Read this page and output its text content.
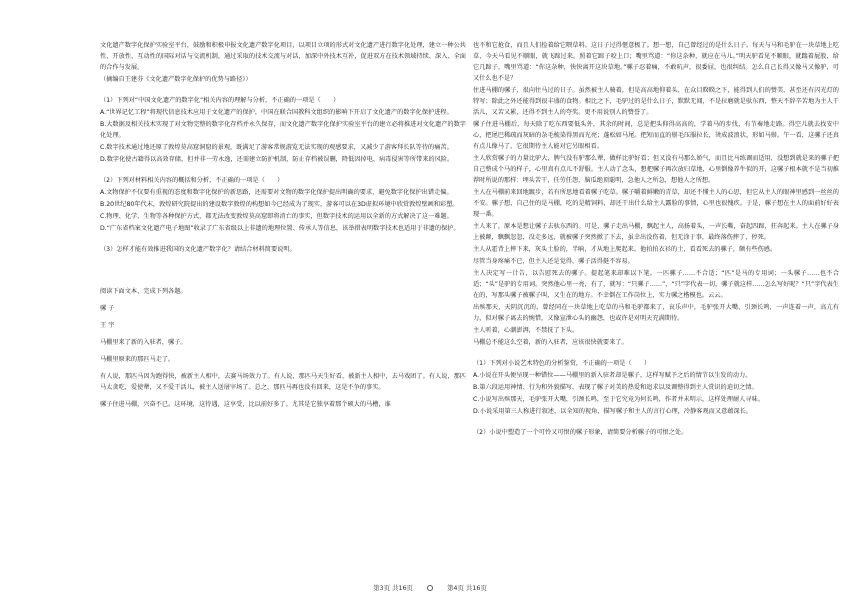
文化遗产数字化保护实验室平台，鼓励和积极申报文化遗产数字化项目，以项目立项的形式对文化遗产进行数字化处理，建立一种公共性、开放性、互动性的国际对话与交流机制，通过采取的技术交流与对话，加深中外技术互补，促进双方在技术领域持续、深入、全面的合作与发展。
（摘编自王建芬《文化遗产数字化保护的优势与路径》）
（1）下列对“中国文化遗产的数字化”相关内容的理解与分析，不正确的一项是（　　）
A.“世界记忆工程”将现代信息技术应用于文化遗产的保护，中国在联合国教科文组织的影响下开启了文化遗产的数字化保护进程。
B.大数据及相关技术实现了对文物完整的数字化存档并永久保存，而文化遗产数字化保护实验室平台的建立必将推进对文化遗产的数字化处理。
C.数字技术通过地还原了敦煌莫高窟洞窟的景观，既满足了游客常规游览无法实现的观感要求，又减少了游客拜长队等待的痛苦。
D.数字化使古籍得以高效存储，但并非一劳永逸，还需建立防护机制，防止存档被误删，降低因掉电、病毒侵害等所带来的风险。
（2）下列对材料相关内容的概括和分析，不正确的一项是（　　）
A.文物保护不仅要有重视的态度和数字化保护的新思路，还需要对文物的数字化保护提出明确的要求，避免数字化保护出错走偏。
B.20世纪80年代末，敦煌研究院提出的建设数字敦煌的构想如今已经成为了现实，游客可以在3D虚拟环境中欣赏敦煌壁画和彩塑。
C.物理、化学、生物等各种保护方式，都无法改变敦煌莫高窟即将消亡的事实，但数字技术的运用以全新的方式解决了这一难题。
D.“广东省档案文化遗产电子地图”收录了广东省级以上非遗的地理位置、传承人等信息，该举措表明数字技术也适用于非遗的保护。
（3）怎样才能有效推进我国的文化遗产数字化？请结合材料简要说明。
阅读下面文本，完成下列各题。
骡 子
王 宇
马棚里来了新的入驻者，骡子。
马棚里原来的那匹马走了。
有人说，那匹马因为跑得快，被新主人相中，去赛马场效力了。有人说，那匹马天生好看，被新主人相中，去马戏团了。有人说，那匹马太贪吃，爱使犟，又不爱干活儿，被主人送屠宰场了。总之，那匹马再也没有回来，这是不争的事实。
骡子住进马棚，兴奋不已。这环境，这待遇，这享受，比以前好多了。尤其是它独享着那个硕大的马槽，谁
也不和它抢食，而且人们捡着给它喂草料。这日子过得惬意极了。想一想，自己曾经过的是什么日子。每天与马和毛驴在一块草地上吃草，今天马看见不顺眼，就飞蹄过来。照着它蹄子咬上口；嘴里骂道：“你这杂种，就应在马儿。”明天驴看见不顺眼，就踹着屁股，给它几蹄子，嘴里骂道：“你这杂种，快快离开这块草地。”骡子忍着痛，不敢吭声，很委屈，也很纠结。怎么自己长得又像马又像驴，可又什么也不是？
住进马棚的骡子，很向往马过的日子。虽然被主人骑着，但是高高地仰着头，在众目睽睽之下，能得到人们的赞美，甚至还有闪光灯的特写；除此之外还能得到很丰盛的食物。相比之下，毛驴过的是什么日子，默默无闻，不是拉磨就是驮东西，整天不辞辛苦地为主人干活儿，又苦又累，还得不到主人的夸奖。更不用说别人的赞誉了。
骡子住进马棚后，每天除了吃东西要低头外，其余的时间，总是把头仰得高高的，学着马的步伐，有节奏地走路。得空儿就去找安中心，把尾巴稀疏而灰暗的杂毛梳染得黑而光亮；蓬松如马尾。把短而直的鬃毛压服拉长，烫成波浪状，形如马鬃。午一看，这骡子还真有点儿像马了，它很期待主人能对它另眼相看。
主人欣赏骡子的力量比驴大，脾气没有驴那么犟，做样比驴好看；但又没有马那么娇气，而且比马练调而适用，没想到就是来的骡子把自己整成个马的样子，心里真有点儿不舒服。主人动了念头，想把骡子再次放归草地，心里倒像养牛似的开，这骡子根本就不是当初推荐时所说的那样：埋头苦干，任劳任怨，脑瓜绝顶聪明，急他人之所急，想他人之所想。
主人在马棚前来回地踱步，若有所思地看着骡子吃草。骡子嚼着鲜嫩的青草，却还不懂主人的心思，但它从主人的眼神里感到一丝丝的不安。骡子想，自己住的是马棚，吃的是精饲料，却还干出什么给主人露脸的事情，心里也很愧疚。于是，骡子想在主人的面前好好表现一番。
主人来了，原本是想让骡子去驮东西的。可是，骡子走出马棚，飘起主人，高扬着头，一声长嘶，奋起四蹄，狂奔起来。主人在骡子身上被颠，飘飘忽忽，没走多远，就被骡子突然掀了下去，虽幸出没伤着，但无涂于事，最终落伤摔了，停死。
主人从霍背上摔下来，灰头土脸的，半晌，才从地上爬起来。他拍拍衣衫的土，看看死去的骡子，颇有些伤感。
尽管当身疼痛不已，但主人还是觉得，骡子活得挺不容易。
主人决定写一计告，以告慰死去的骡子。提起笔来却难以下笔。一匹骡子……不合适；“匹”是马的专用词；一头骡子……也不合适；“头”是驴的专用词。突然他心里一亮，有了，就写：“只骡子……”，“只”字代表一切，骡子就这样……怎么写好呢？“只”字代表生在的，写那头骡子被骡子叫，又生在的地方。不幸倒在工作岗位上，实力骡之楷模也。云云。
出殡那天，天阴沉沉的，曾经同在一块草地上吃草的马和毛驴都来了，哀乐声中，毛驴张开大嘴，引颈长鸣，一声连着一声，高亢有力，似对骡子离去的惋惜，又像宣泄心头的幽怨，也或许是对明天充满期待。
主人听着，心潮澎湃，不禁抚了下头。
马棚总不能这么空着，新的入驻者，应该很快就要来了。
（1）下列对小说艺术特色的分析鉴赏，不正确的一项是（　　）
A.小说在开头便呈现一种错位——马棚里的新入驻者却是骡子，这样写赋予之后的情节以生发的动力。
B.第六段运用神情、行为和外貌描写，表现了骡子对美的热爱和追求以及调整得到主人赏识的迫切之情。
C.小说写出殡那天，毛驴张开大嘴，引颈长鸣，至于它究竟为何长鸣，作者并未明示，这样处理耐人寻味。
D.小说采用第三人称进行叙述，以全知的视角，描写骡子和主人的言行心理，冷静客观而又意蕴深长。
（2）小说中塑造了一个可怜又可恨的骡子形象，请简要分析骡子的可恨之处。
第3页 共16页	第4页 共16页
